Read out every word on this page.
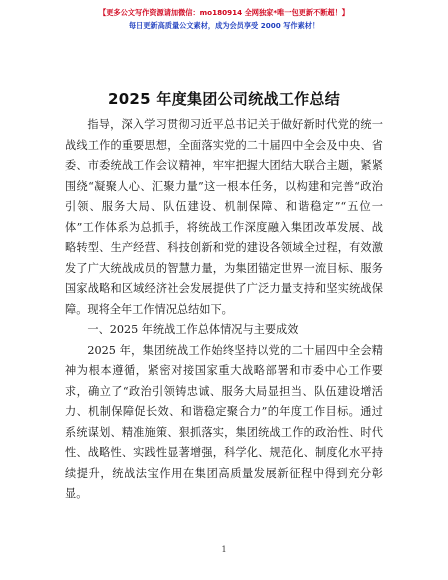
【更多公文写作资源请加微信：mo180914 全网独家*唯一包更新不断超！】
每日更新高质量公文素材，成为会员享受 2000 写作素材！
2025 年度集团公司统战工作总结

指导，深入学习贯彻习近平总书记关于做好新时代党的统一战线工作的重要思想，全面落实党的二十届四中全会及中央、省委、市委统战工作会议精神，牢牢把握大团结大联合主题，紧紧围绕“凝聚人心、汇聚力量”这一根本任务，以构建和完善“政治引领、服务大局、队伍建设、机制保障、和谐稳定”“五位一体”工作体系为总抓手，将统战工作深度融入集团改革发展、战略转型、生产经营、科技创新和党的建设各领域全过程，有效激发了广大统战成员的智慧力量，为集团锚定世界一流目标、服务国家战略和区域经济社会发展提供了广泛力量支持和坚实统战保障。现将全年工作情况总结如下。

一、2025 年统战工作总体情况与主要成效

2025 年，集团统战工作始终坚持以党的二十届四中全会精神为根本遵循，紧密对接国家重大战略部署和市委中心工作要求，确立了“政治引领铸忠诚、服务大局显担当、队伍建设增活力、机制保障促长效、和谐稳定聚合力”的年度工作目标。通过系统谋划、精准施策、狠抓落实，集团统战工作的政治性、时代性、战略性、实践性显著增强，科学化、规范化、制度化水平持续提升，统战法宝作用在集团高质量发展新征程中得到充分彰显。

1
